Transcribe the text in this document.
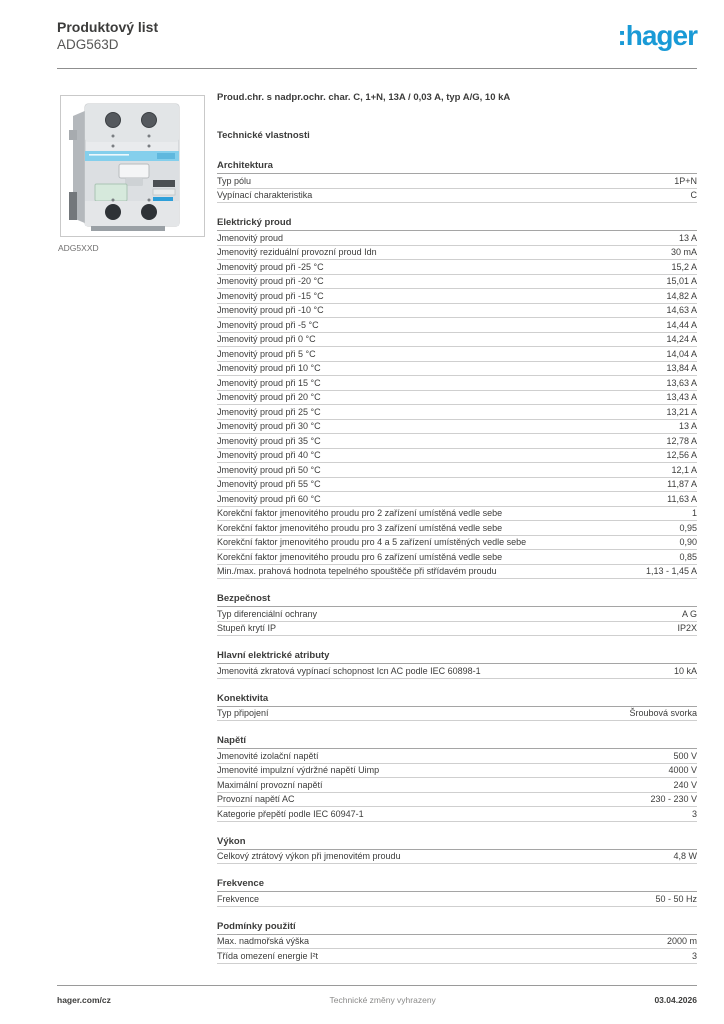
Produktový list
ADG563D	:hager
ADG5XXD
Proud.chr. s nadpr.ochr. char. C, 1+N, 13A / 0,03 A, typ A/G, 10 kA
Technické vlastnosti
Architektura
Typ pólu	1P+N
Vypínací charakteristika	C
Elektrický proud
Jmenovitý proud	13 A
Jmenovitý reziduální provozní proud Idn	30 mA
Jmenovitý proud při -25 °C	15,2 A
Jmenovitý proud při -20 °C	15,01 A
Jmenovitý proud při -15 °C	14,82 A
Jmenovitý proud při -10 °C	14,63 A
Jmenovitý proud při -5 °C	14,44 A
Jmenovitý proud při 0 °C	14,24 A
Jmenovitý proud při 5 °C	14,04 A
Jmenovitý proud při 10 °C	13,84 A
Jmenovitý proud při 15 °C	13,63 A
Jmenovitý proud při 20 °C	13,43 A
Jmenovitý proud při 25 °C	13,21 A
Jmenovitý proud při 30 °C	13 A
Jmenovitý proud při 35 °C	12,78 A
Jmenovitý proud při 40 °C	12,56 A
Jmenovitý proud při 50 °C	12,1 A
Jmenovitý proud při 55 °C	11,87 A
Jmenovitý proud při 60 °C	11,63 A
Korekční faktor jmenovitého proudu pro 2 zařízení umístěná vedle sebe	1
Korekční faktor jmenovitého proudu pro 3 zařízení umístěná vedle sebe	0,95
Korekční faktor jmenovitého proudu pro 4 a 5 zařízení umístěných vedle sebe	0,90
Korekční faktor jmenovitého proudu pro 6 zařízení umístěná vedle sebe	0,85
Min./max. prahová hodnota tepelného spouštěče při střídavém proudu	1,13 - 1,45 A
Bezpečnost
Typ diferenciální ochrany	A G
Stupeň krytí IP	IP2X
Hlavní elektrické atributy
Jmenovitá zkratová vypínací schopnost Icn AC podle IEC 60898-1	10 kA
Konektivita
Typ připojení	Šroubová svorka
Napětí
Jmenovité izolační napětí	500 V
Jmenovité impulzní výdržné napětí Uimp	4000 V
Maximální provozní napětí	240 V
Provozní napětí AC	230 - 230 V
Kategorie přepětí podle IEC 60947-1	3
Výkon
Celkový ztrátový výkon při jmenovitém proudu	4,8 W
Frekvence
Frekvence	50 - 50 Hz
Podmínky použití
Max. nadmořská výška	2000 m
Třída omezení energie I²t	3
hager.com/cz	Technické změny vyhrazeny	03.04.2026
